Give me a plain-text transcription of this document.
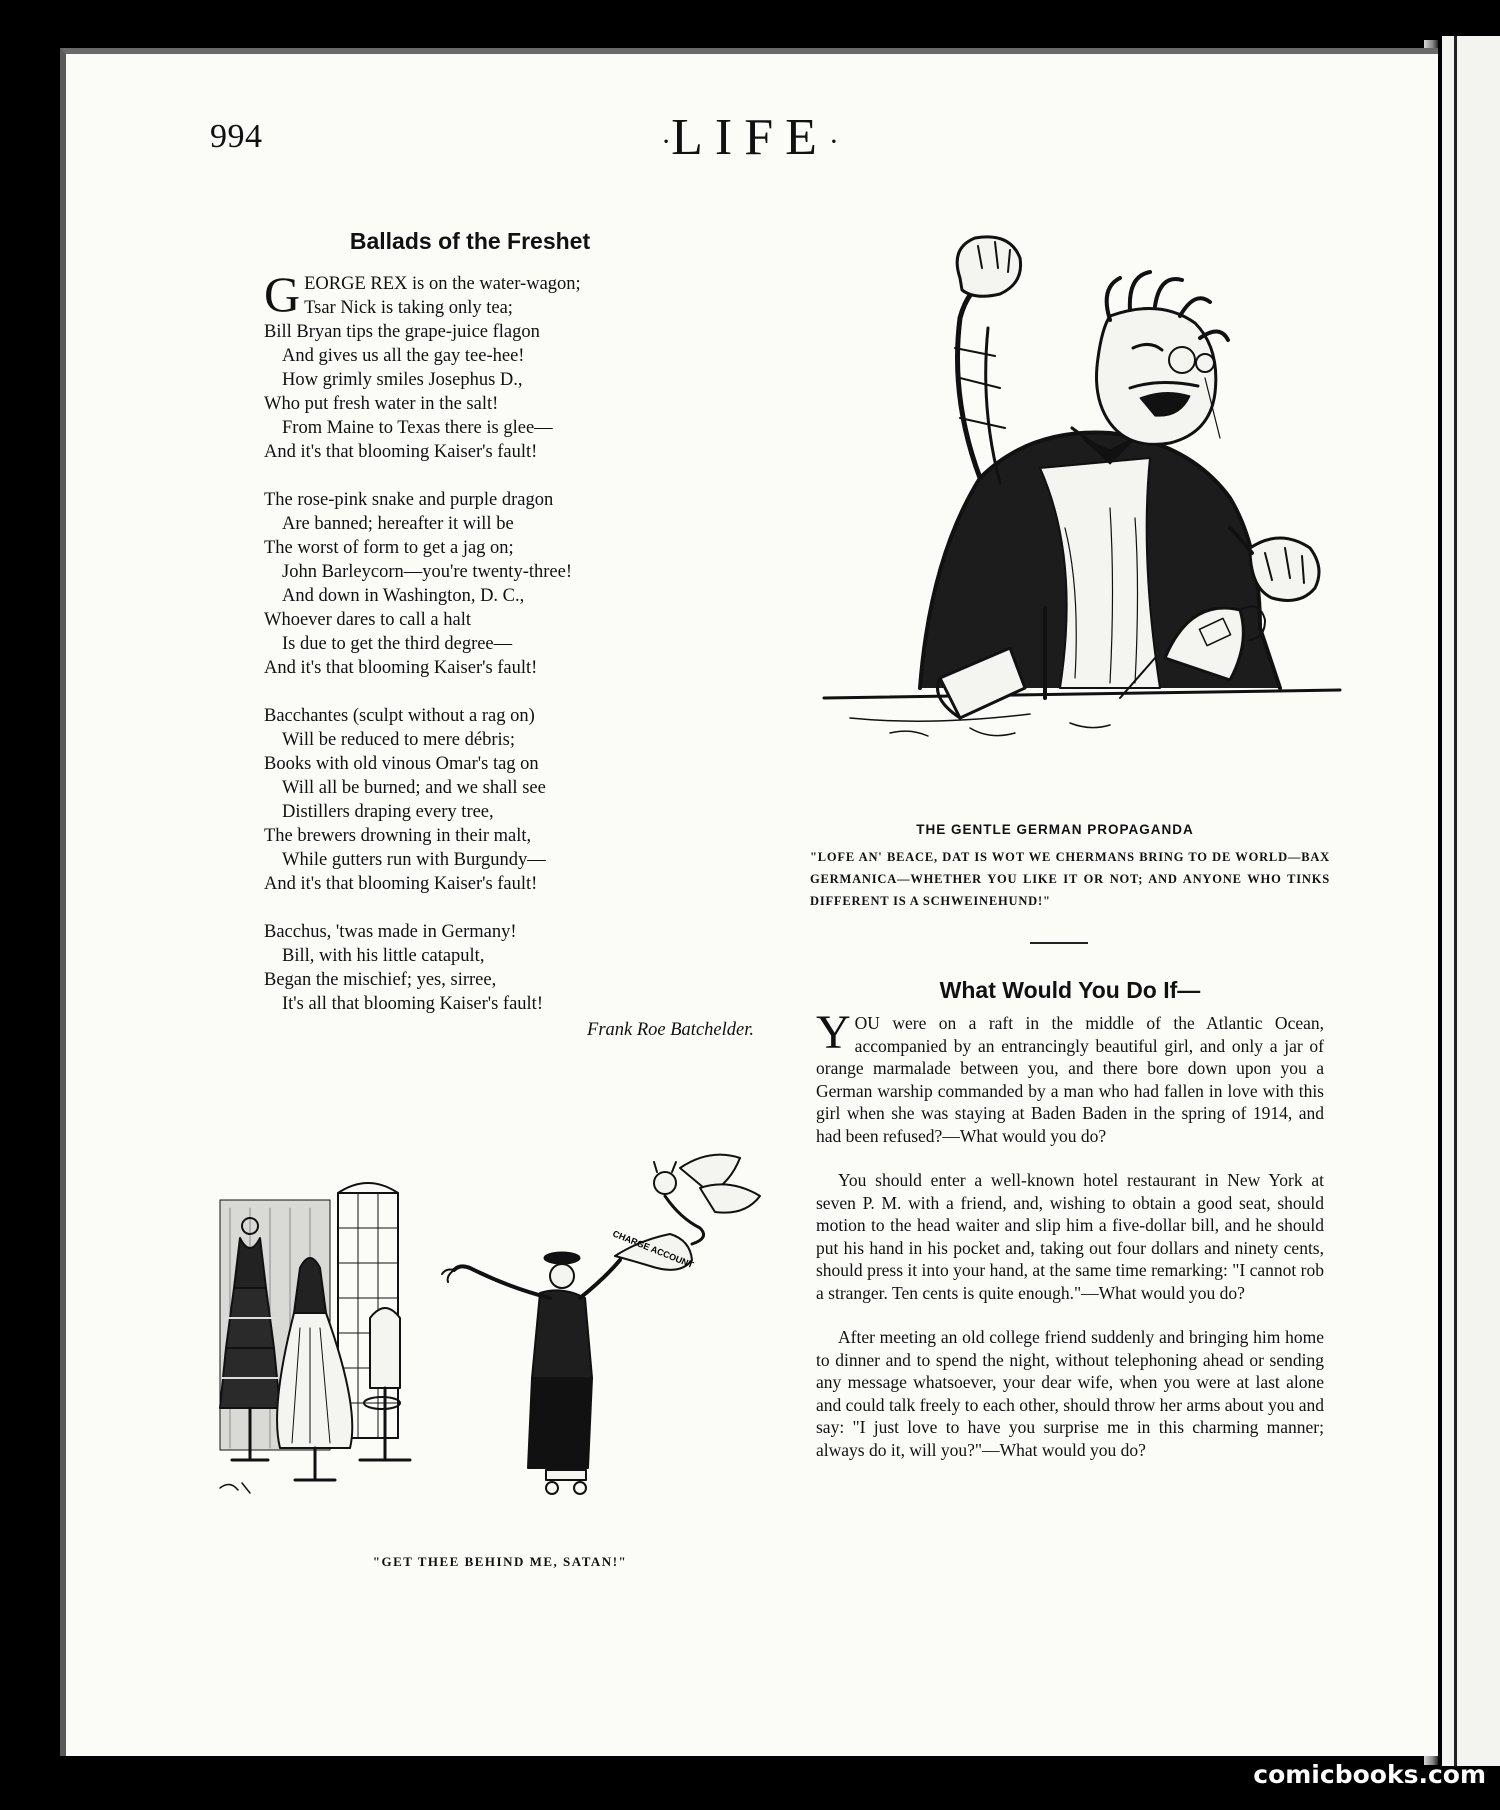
994	·LIFE·
Ballads of the Freshet
G EORGE REX is on the water-wagon;
Tsar Nick is taking only tea;
Bill Bryan tips the grape-juice flagon
And gives us all the gay tee-hee!
How grimly smiles Josephus D.,
Who put fresh water in the salt!
From Maine to Texas there is glee—
And it's that blooming Kaiser's fault!
The rose-pink snake and purple dragon
Are banned; hereafter it will be
The worst of form to get a jag on;
John Barleycorn—you're twenty-three!
And down in Washington, D. C.,
Whoever dares to call a halt
Is due to get the third degree—
And it's that blooming Kaiser's fault!
Bacchantes (sculpt without a rag on)
Will be reduced to mere débris;
Books with old vinous Omar's tag on
Will all be burned; and we shall see
Distillers draping every tree,
The brewers drowning in their malt,
While gutters run with Burgundy—
And it's that blooming Kaiser's fault!
Bacchus, 'twas made in Germany!
Bill, with his little catapult,
Began the mischief; yes, sirree,
It's all that blooming Kaiser's fault!
Frank Roe Batchelder.
THE GENTLE GERMAN PROPAGANDA
"LOFE AN' BEACE, DAT IS WOT WE CHERMANS BRING TO DE WORLD—BAX GERMANICA—WHETHER YOU LIKE IT OR NOT; AND ANYONE WHO TINKS DIFFERENT IS A SCHWEINEHUND!"
What Would You Do If—

YOU were on a raft in the middle of the Atlantic Ocean, accompanied by an entrancingly beautiful girl, and only a jar of orange marmalade between you, and there bore down upon you a German warship commanded by a man who had fallen in love with this girl when she was staying at Baden Baden in the spring of 1914, and had been refused?—What would you do?

You should enter a well-known hotel restaurant in New York at seven P. M. with a friend, and, wishing to obtain a good seat, should motion to the head waiter and slip him a five-dollar bill, and he should put his hand in his pocket and, taking out four dollars and ninety cents, should press it into your hand, at the same time remarking: "I cannot rob a stranger. Ten cents is quite enough."—What would you do?

After meeting an old college friend suddenly and bringing him home to dinner and to spend the night, without telephoning ahead or sending any message whatsoever, your dear wife, when you were at last alone and could talk freely to each other, should throw her arms about you and say: "I just love to have you surprise me in this charming manner; always do it, will you?"—What would you do?

CHARGE ACCOUNT
"GET THEE BEHIND ME, SATAN!"
comicbooks.com
